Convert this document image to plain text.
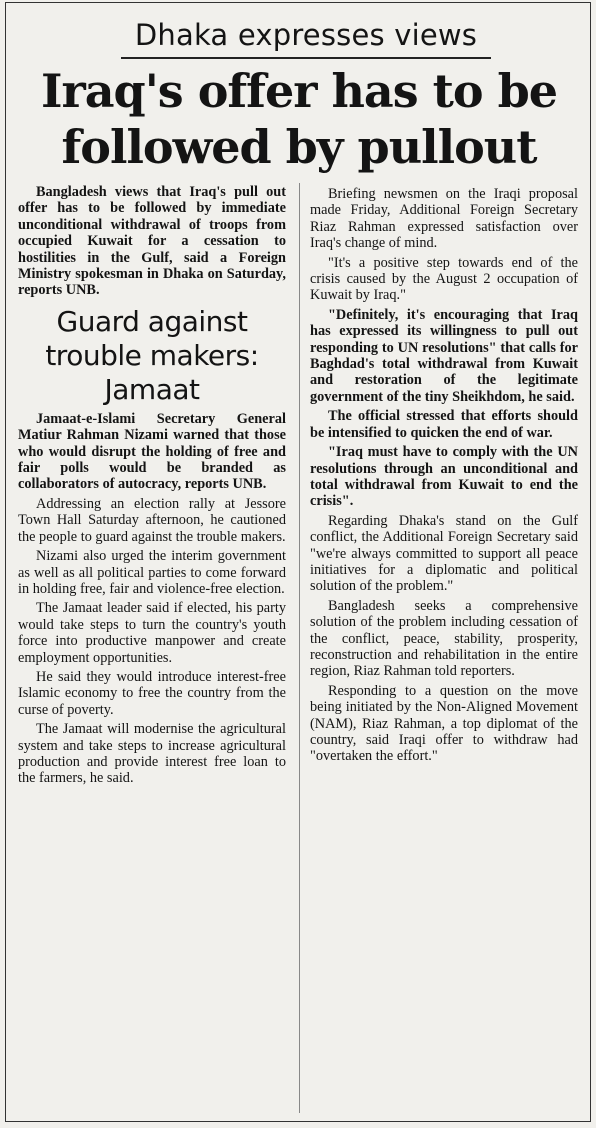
Dhaka expresses views
Iraq's offer has to be followed by pullout

Bangladesh views that Iraq's pull out offer has to be followed by immediate unconditional withdrawal of troops from occupied Kuwait for a cessation to hostilities in the Gulf, said a Foreign Ministry spokesman in Dhaka on Saturday, reports UNB.

Guard against trouble makers: Jamaat

Jamaat-e-Islami Secretary General Matiur Rahman Nizami warned that those who would disrupt the holding of free and fair polls would be branded as collaborators of autocracy, reports UNB.

Addressing an election rally at Jessore Town Hall Saturday afternoon, he cautioned the people to guard against the trouble makers.

Nizami also urged the interim government as well as all political parties to come forward in holding free, fair and violence-free election.

The Jamaat leader said if elected, his party would take steps to turn the country's youth force into productive manpower and create employment opportunities.

He said they would introduce interest-free Islamic economy to free the country from the curse of poverty.

The Jamaat will modernise the agricultural system and take steps to increase agricultural production and provide interest free loan to the farmers, he said.

Briefing newsmen on the Iraqi proposal made Friday, Additional Foreign Secretary Riaz Rahman expressed satisfaction over Iraq's change of mind.

"It's a positive step towards end of the crisis caused by the August 2 occupation of Kuwait by Iraq."

"Definitely, it's encouraging that Iraq has expressed its willingness to pull out responding to UN resolutions" that calls for Baghdad's total withdrawal from Kuwait and restoration of the legitimate government of the tiny Sheikhdom, he said.

The official stressed that efforts should be intensified to quicken the end of war.

"Iraq must have to comply with the UN resolutions through an unconditional and total withdrawal from Kuwait to end the crisis".

Regarding Dhaka's stand on the Gulf conflict, the Additional Foreign Secretary said "we're always committed to support all peace initiatives for a diplomatic and political solution of the problem."

Bangladesh seeks a comprehensive solution of the problem including cessation of the conflict, peace, stability, prosperity, reconstruction and rehabilitation in the entire region, Riaz Rahman told reporters.

Responding to a question on the move being initiated by the Non-Aligned Movement (NAM), Riaz Rahman, a top diplomat of the country, said Iraqi offer to withdraw had "overtaken the effort."
